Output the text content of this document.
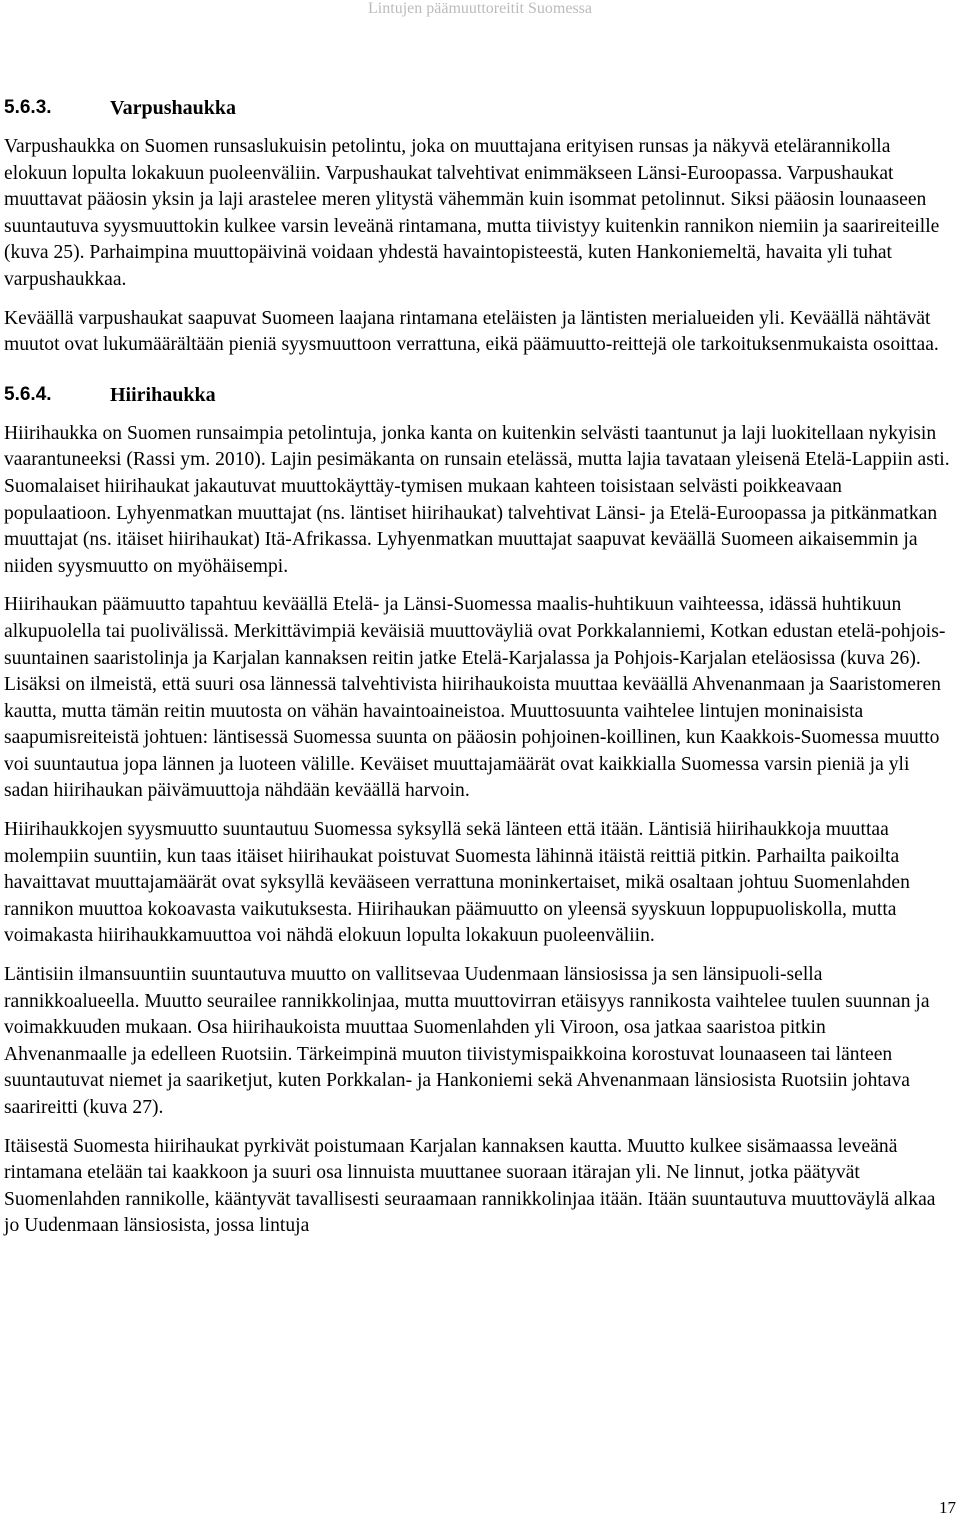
Lintujen päämuuttoreitit Suomessa
5.6.3.	Varpushaukka

Varpushaukka on Suomen runsaslukuisin petolintu, joka on muuttajana erityisen runsas ja näkyvä etelärannikolla elokuun lopulta lokakuun puoleenväliin. Varpushaukat talvehtivat enimmäkseen Länsi-Euroopassa. Varpushaukat muuttavat pääosin yksin ja laji arastelee meren ylitystä vähemmän kuin isommat petolinnut. Siksi pääosin lounaaseen suuntautuva syysmuuttokin kulkee varsin leveänä rintamana, mutta tiivistyy kuitenkin rannikon niemiin ja saarireiteille (kuva 25). Parhaimpina muuttopäivinä voidaan yhdestä havaintopisteestä, kuten Hankoniemeltä, havaita yli tuhat varpushaukkaa.

Keväällä varpushaukat saapuvat Suomeen laajana rintamana eteläisten ja läntisten merialueiden yli. Keväällä nähtävät muutot ovat lukumäärältään pieniä syysmuuttoon verrattuna, eikä päämuutto-reittejä ole tarkoituksenmukaista osoittaa.

5.6.4.	Hiirihaukka

Hiirihaukka on Suomen runsaimpia petolintuja, jonka kanta on kuitenkin selvästi taantunut ja laji luokitellaan nykyisin vaarantuneeksi (Rassi ym. 2010). Lajin pesimäkanta on runsain etelässä, mutta lajia tavataan yleisenä Etelä-Lappiin asti. Suomalaiset hiirihaukat jakautuvat muuttokäyttäy-tymisen mukaan kahteen toisistaan selvästi poikkeavaan populaatioon. Lyhyenmatkan muuttajat (ns. läntiset hiirihaukat) talvehtivat Länsi- ja Etelä-Euroopassa ja pitkänmatkan muuttajat (ns. itäiset hiirihaukat) Itä-Afrikassa. Lyhyenmatkan muuttajat saapuvat keväällä Suomeen aikaisemmin ja niiden syysmuutto on myöhäisempi.

Hiirihaukan päämuutto tapahtuu keväällä Etelä- ja Länsi-Suomessa maalis-huhtikuun vaihteessa, idässä huhtikuun alkupuolella tai puolivälissä. Merkittävimpiä keväisiä muuttoväyliä ovat Porkkalanniemi, Kotkan edustan etelä-pohjois-suuntainen saaristolinja ja Karjalan kannaksen reitin jatke Etelä-Karjalassa ja Pohjois-Karjalan eteläosissa (kuva 26). Lisäksi on ilmeistä, että suuri osa lännessä talvehtivista hiirihaukoista muuttaa keväällä Ahvenanmaan ja Saaristomeren kautta, mutta tämän reitin muutosta on vähän havaintoaineistoa. Muuttosuunta vaihtelee lintujen moninaisista saapumisreiteistä johtuen: läntisessä Suomessa suunta on pääosin pohjoinen-koillinen, kun Kaakkois-Suomessa muutto voi suuntautua jopa lännen ja luoteen välille. Keväiset muuttajamäärät ovat kaikkialla Suomessa varsin pieniä ja yli sadan hiirihaukan päivämuuttoja nähdään keväällä harvoin.

Hiirihaukkojen syysmuutto suuntautuu Suomessa syksyllä sekä länteen että itään. Läntisiä hiirihaukkoja muuttaa molempiin suuntiin, kun taas itäiset hiirihaukat poistuvat Suomesta lähinnä itäistä reittiä pitkin. Parhailta paikoilta havaittavat muuttajamäärät ovat syksyllä kevääseen verrattuna moninkertaiset, mikä osaltaan johtuu Suomenlahden rannikon muuttoa kokoavasta vaikutuksesta. Hiirihaukan päämuutto on yleensä syyskuun loppupuoliskolla, mutta voimakasta hiirihaukkamuuttoa voi nähdä elokuun lopulta lokakuun puoleenväliin.

Läntisiin ilmansuuntiin suuntautuva muutto on vallitsevaa Uudenmaan länsiosissa ja sen länsipuoli-sella rannikkoalueella. Muutto seurailee rannikkolinjaa, mutta muuttovirran etäisyys rannikosta vaihtelee tuulen suunnan ja voimakkuuden mukaan. Osa hiirihaukoista muuttaa Suomenlahden yli Viroon, osa jatkaa saaristoa pitkin Ahvenanmaalle ja edelleen Ruotsiin. Tärkeimpinä muuton tiivistymispaikkoina korostuvat lounaaseen tai länteen suuntautuvat niemet ja saariketjut, kuten Porkkalan- ja Hankoniemi sekä Ahvenanmaan länsiosista Ruotsiin johtava saarireitti (kuva 27).

Itäisestä Suomesta hiirihaukat pyrkivät poistumaan Karjalan kannaksen kautta. Muutto kulkee sisämaassa leveänä rintamana etelään tai kaakkoon ja suuri osa linnuista muuttanee suoraan itärajan yli. Ne linnut, jotka päätyvät Suomenlahden rannikolle, kääntyvät tavallisesti seuraamaan rannikkolinjaa itään. Itään suuntautuva muuttoväylä alkaa jo Uudenmaan länsiosista, jossa lintuja

17
